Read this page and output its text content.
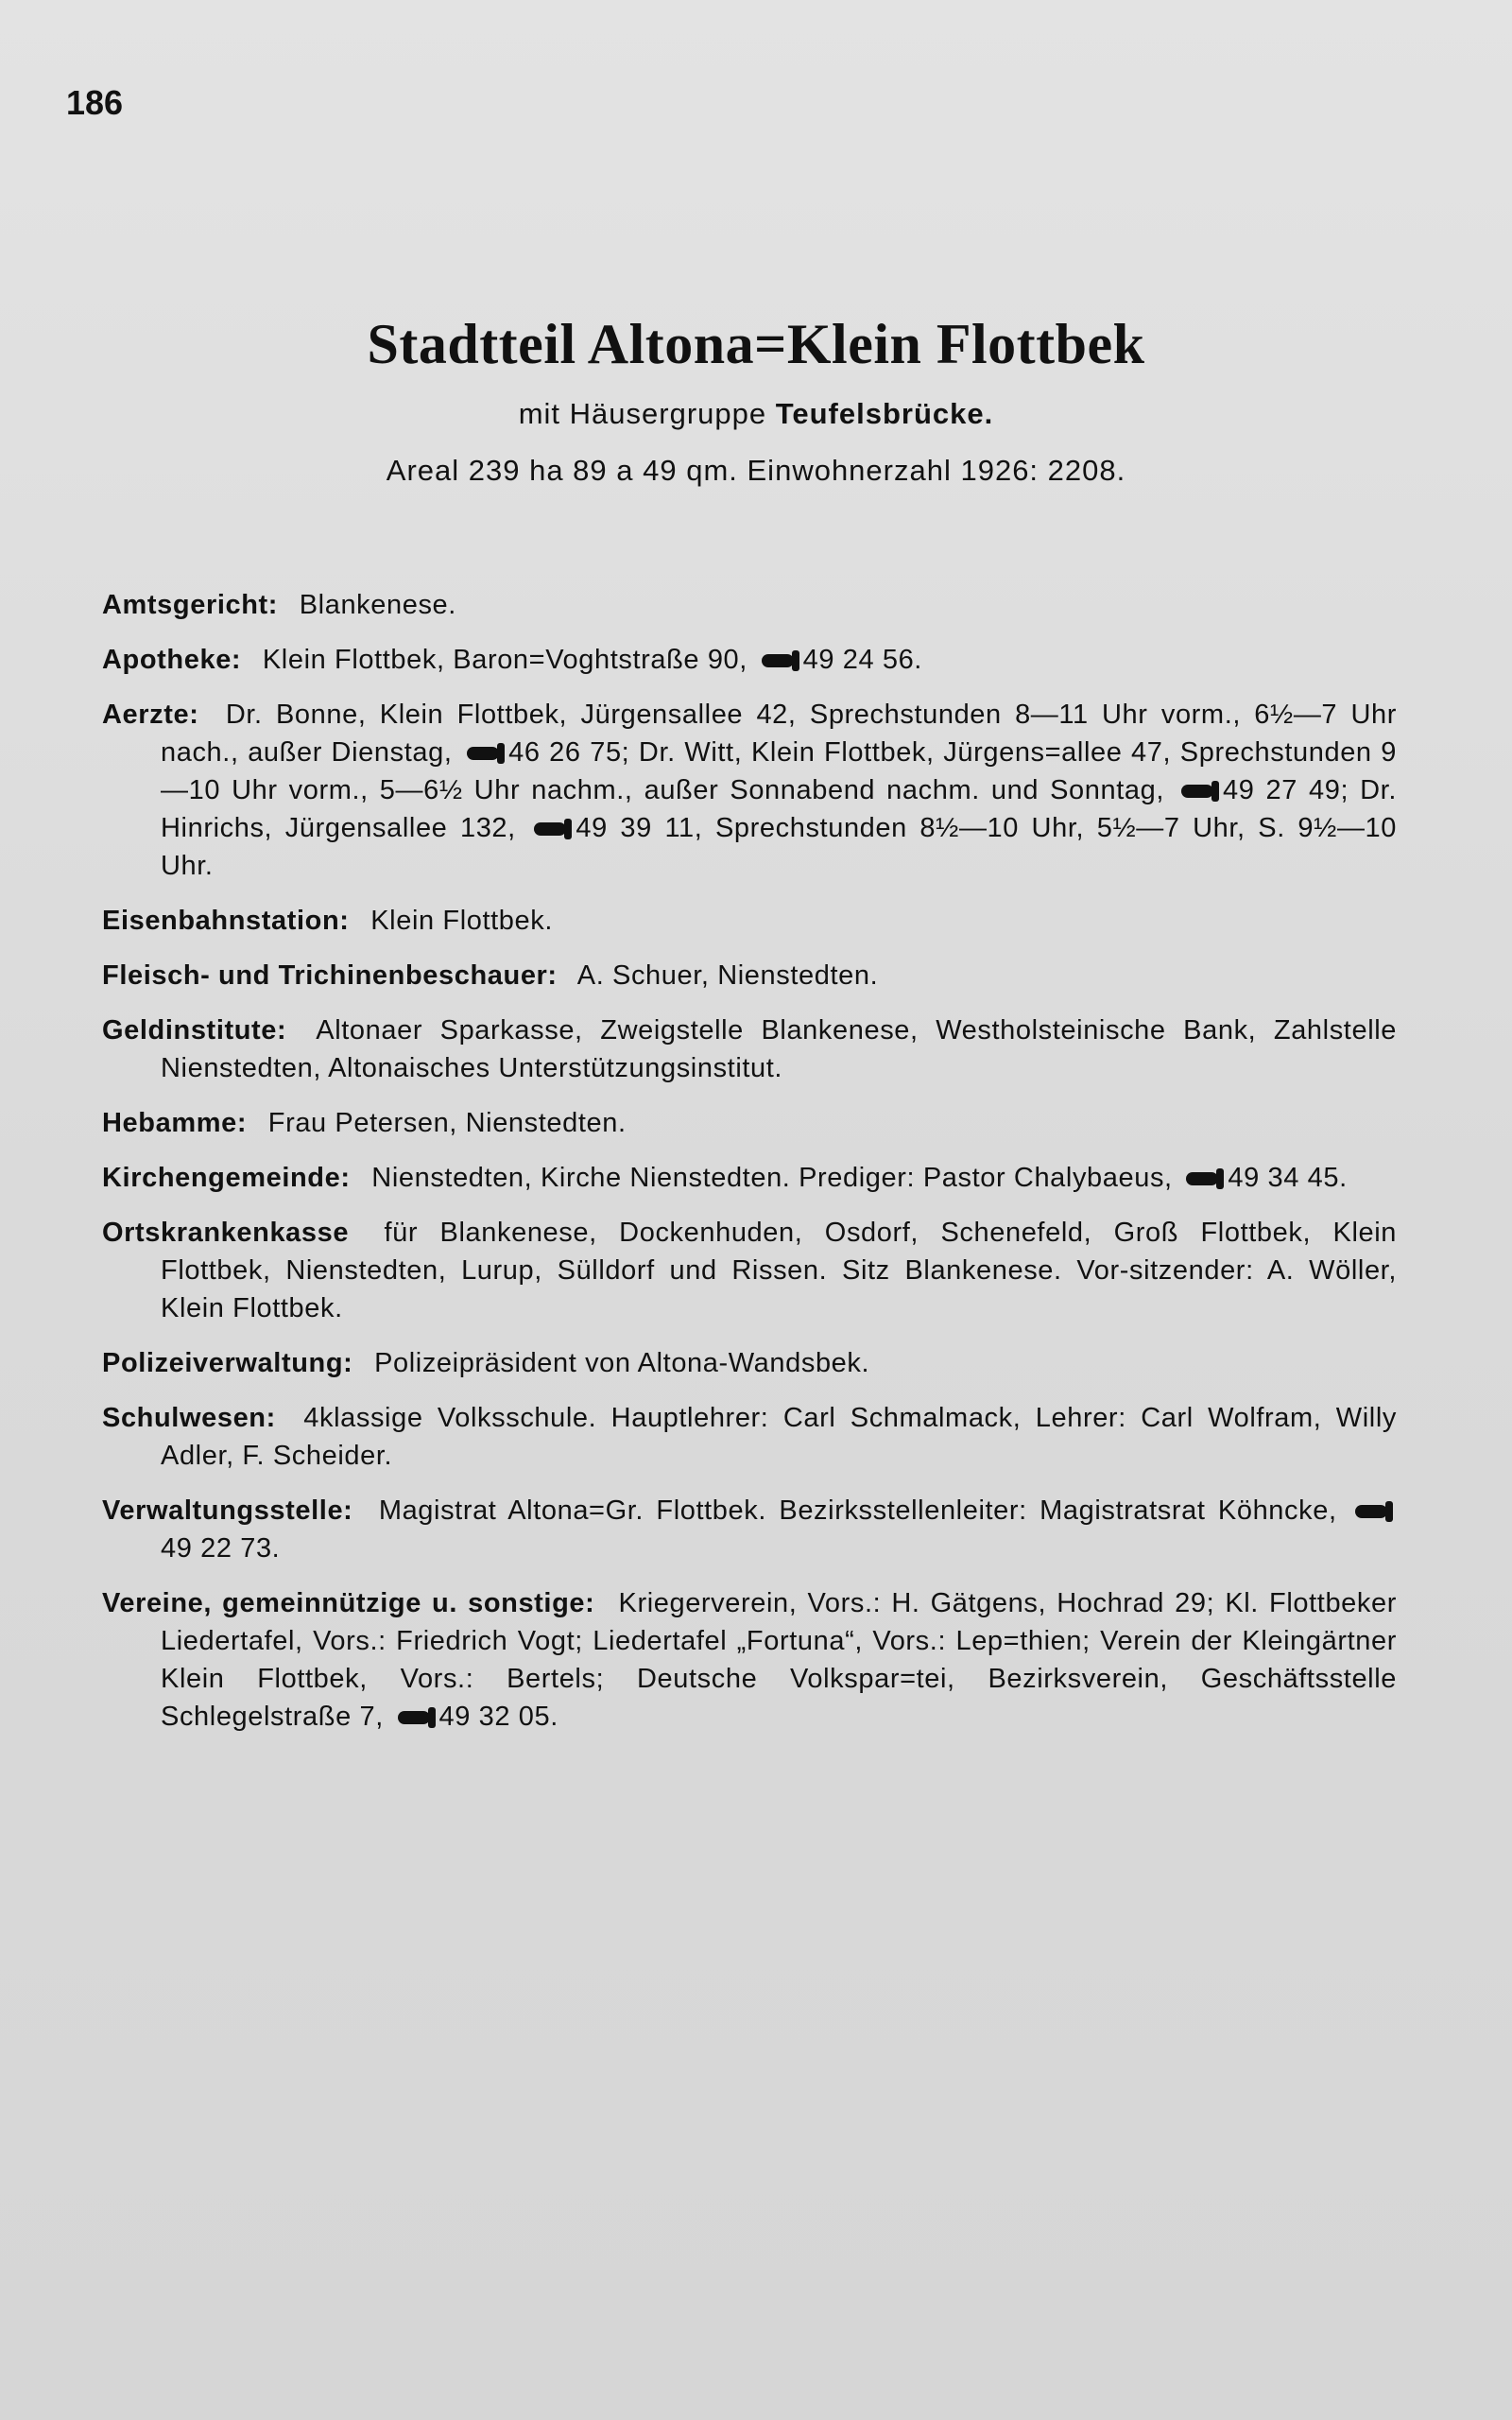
186
Stadtteil Altona=Klein Flottbek
mit Häusergruppe Teufelsbrücke.
Areal 239 ha 89 a 49 qm. Einwohnerzahl 1926: 2208.
Amtsgericht: Blankenese.
Apotheke: Klein Flottbek, Baron=Voghtstraße 90, 49 24 56.
Aerzte: Dr. Bonne, Klein Flottbek, Jürgensallee 42, Sprechstunden 8—11 Uhr vorm., 6½—7 Uhr nach., außer Dienstag, 46 26 75; Dr. Witt, Klein Flottbek, Jürgens=allee 47, Sprechstunden 9—10 Uhr vorm., 5—6½ Uhr nachm., außer Sonnabend nachm. und Sonntag, 49 27 49; Dr. Hinrichs, Jürgensallee 132, 49 39 11, Sprechstunden 8½—10 Uhr, 5½—7 Uhr, S. 9½—10 Uhr.
Eisenbahnstation: Klein Flottbek.
Fleisch- und Trichinenbeschauer: A. Schuer, Nienstedten.
Geldinstitute: Altonaer Sparkasse, Zweigstelle Blankenese, Westholsteinische Bank, Zahlstelle Nienstedten, Altonaisches Unterstützungsinstitut.
Hebamme: Frau Petersen, Nienstedten.
Kirchengemeinde: Nienstedten, Kirche Nienstedten. Prediger: Pastor Chalybaeus, 49 34 45.
Ortskrankenkasse für Blankenese, Dockenhuden, Osdorf, Schenefeld, Groß Flottbek, Klein Flottbek, Nienstedten, Lurup, Sülldorf und Rissen. Sitz Blankenese. Vor-sitzender: A. Wöller, Klein Flottbek.
Polizeiverwaltung: Polizeipräsident von Altona-Wandsbek.
Schulwesen: 4klassige Volksschule. Hauptlehrer: Carl Schmalmack, Lehrer: Carl Wolfram, Willy Adler, F. Scheider.
Verwaltungsstelle: Magistrat Altona=Gr. Flottbek. Bezirksstellenleiter: Magistratsrat Köhncke, 49 22 73.
Vereine, gemeinnützige u. sonstige: Kriegerverein, Vors.: H. Gätgens, Hochrad 29; Kl. Flottbeker Liedertafel, Vors.: Friedrich Vogt; Liedertafel „Fortuna“, Vors.: Lep=thien; Verein der Kleingärtner Klein Flottbek, Vors.: Bertels; Deutsche Volkspar=tei, Bezirksverein, Geschäftsstelle Schlegelstraße 7, 49 32 05.
